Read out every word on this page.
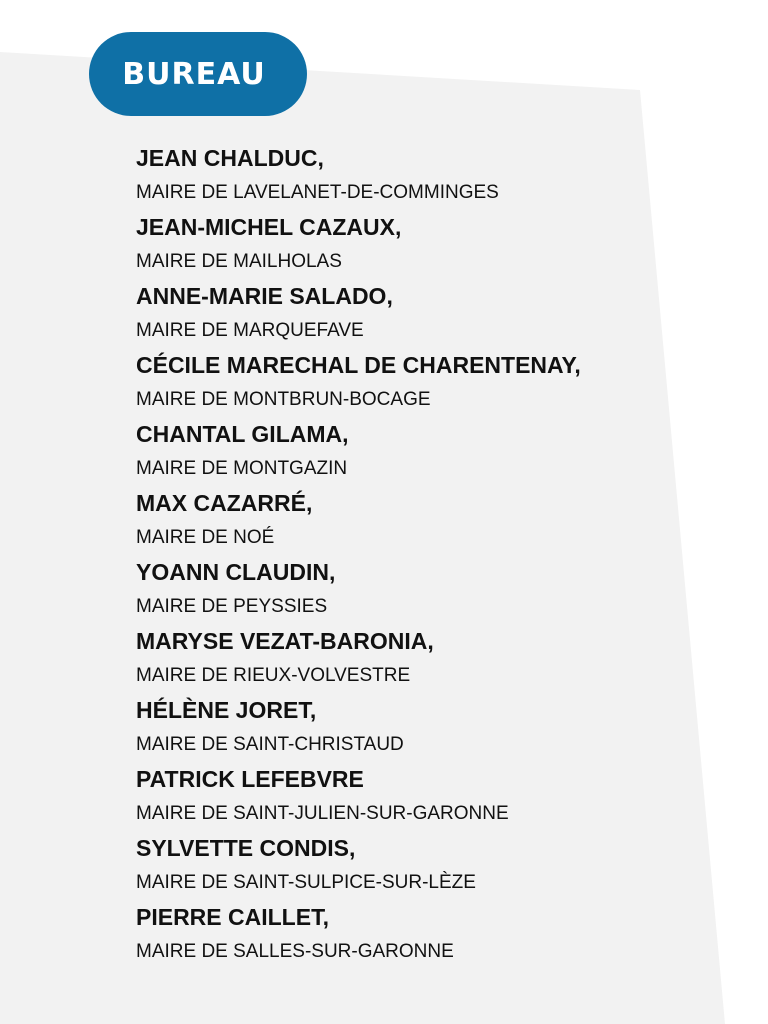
BUREAU
JEAN CHALDUC,
MAIRE DE LAVELANET-DE-COMMINGES
JEAN-MICHEL CAZAUX,
MAIRE DE MAILHOLAS
ANNE-MARIE SALADO,
MAIRE DE MARQUEFAVE
CÉCILE MARECHAL DE CHARENTENAY,
MAIRE DE MONTBRUN-BOCAGE
CHANTAL GILAMA,
MAIRE DE MONTGAZIN
MAX CAZARRÉ,
MAIRE DE NOÉ
YOANN CLAUDIN,
MAIRE DE PEYSSIES
MARYSE VEZAT-BARONIA,
MAIRE DE RIEUX-VOLVESTRE
HÉLÈNE JORET,
MAIRE DE SAINT-CHRISTAUD
PATRICK LEFEBVRE
MAIRE DE SAINT-JULIEN-SUR-GARONNE
SYLVETTE CONDIS,
MAIRE DE SAINT-SULPICE-SUR-LÈZE
PIERRE CAILLET,
MAIRE DE SALLES-SUR-GARONNE
